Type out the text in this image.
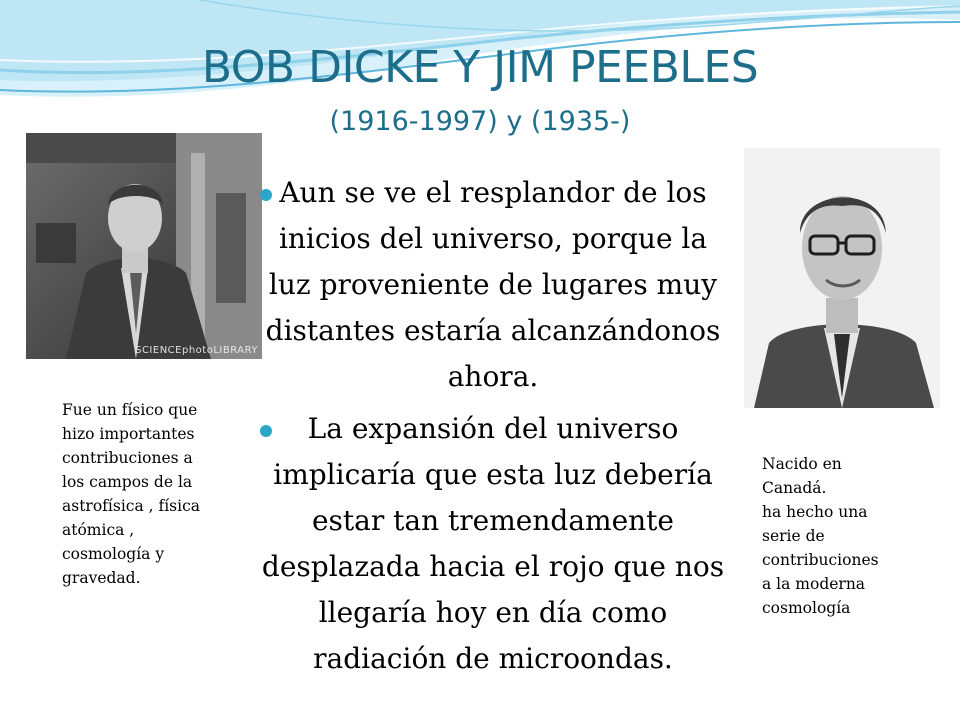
BOB DICKE Y JIM PEEBLES
(1916-1997) y (1935-)
SCIENCEphotoLIBRARY
Aun se ve el resplandor de los inicios del universo, porque la luz proveniente de lugares muy distantes estaría alcanzándonos ahora.
La expansión del universo implicaría que esta luz debería estar tan tremendamente desplazada hacia el rojo que nos llegaría hoy en día como radiación de microondas.
Fue un físico que
hizo importantes
contribuciones a
los campos de la
astrofísica , física
atómica ,
cosmología y
gravedad.
Nacido en
Canadá.
ha hecho una
serie de
contribuciones
a la moderna
cosmología
